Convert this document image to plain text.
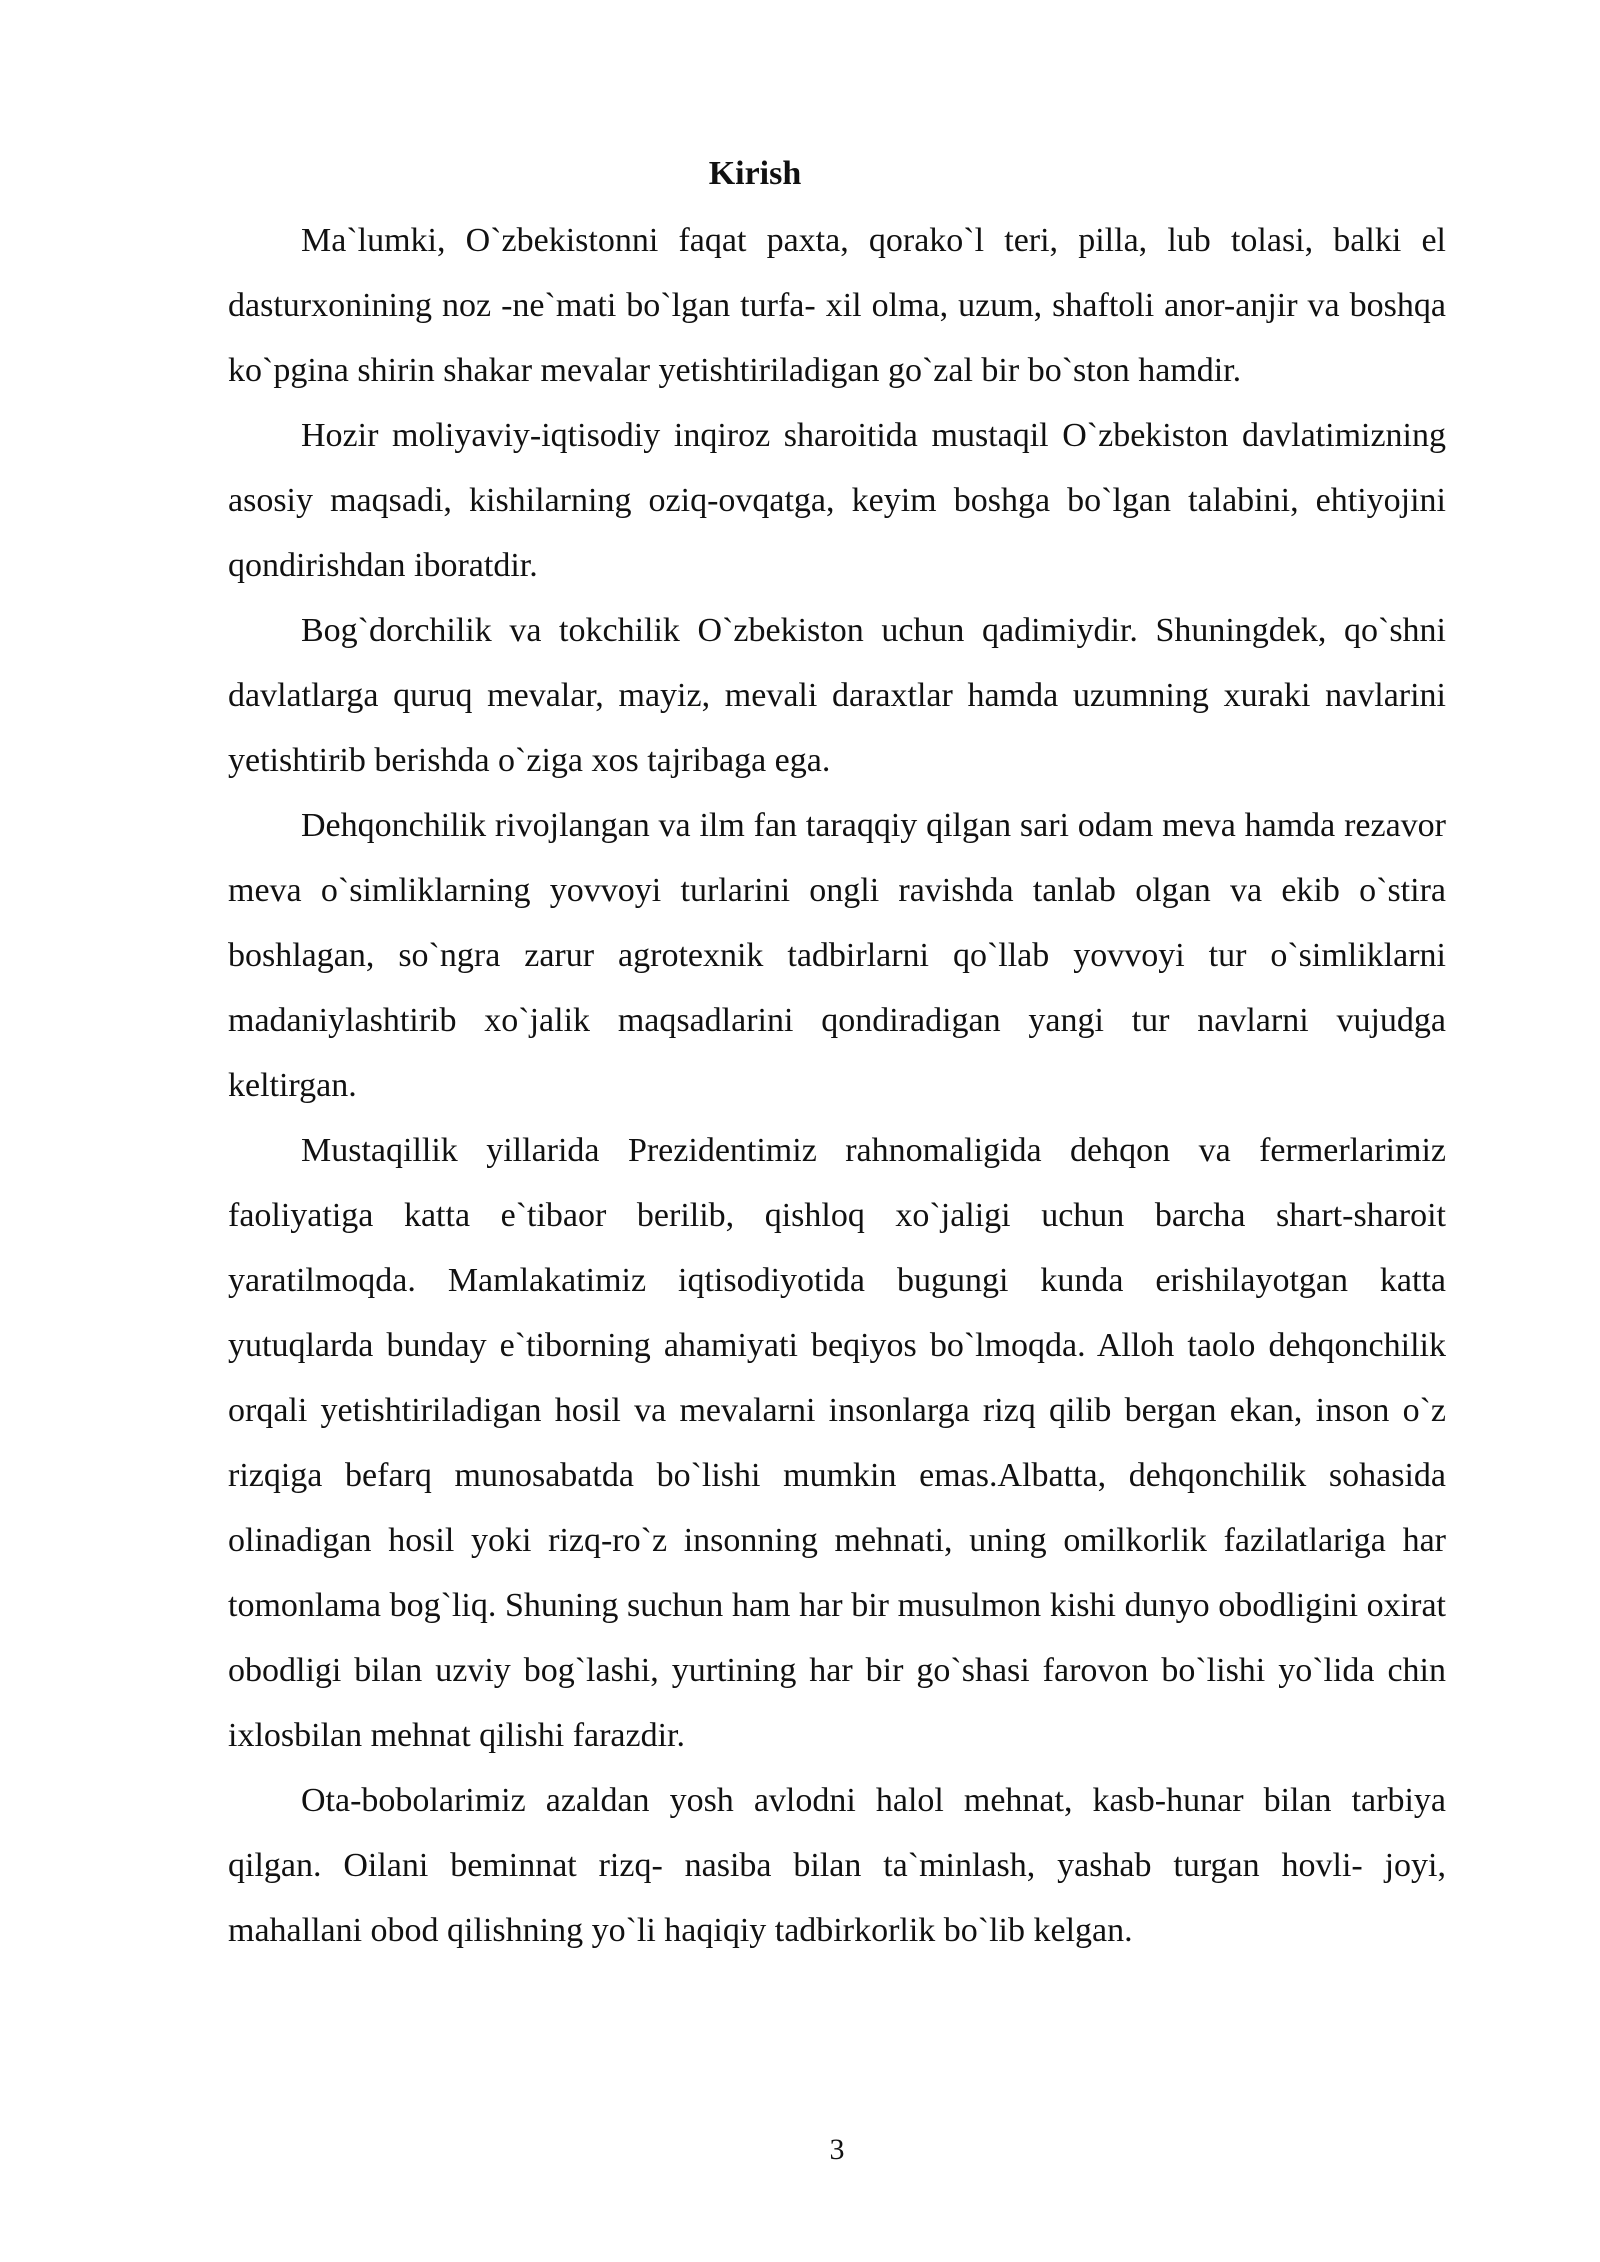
Kirish

Ma`lumki, O`zbekistonni faqat paxta, qorako`l teri, pilla, lub tolasi, balki el dasturxonining noz -ne`mati bo`lgan turfa- xil olma, uzum, shaftoli anor-anjir va boshqa ko`pgina shirin shakar mevalar yetishtiriladigan go`zal bir bo`ston hamdir.

Hozir moliyaviy-iqtisodiy inqiroz sharoitida mustaqil O`zbekiston davlatimizning asosiy maqsadi, kishilarning oziq-ovqatga, keyim boshga bo`lgan talabini, ehtiyojini qondirishdan iboratdir.

Bog`dorchilik va tokchilik O`zbekiston uchun qadimiydir. Shuningdek, qo`shni davlatlarga quruq mevalar, mayiz, mevali daraxtlar hamda uzumning xuraki navlarini yetishtirib berishda o`ziga xos tajribaga ega.

Dehqonchilik rivojlangan va ilm fan taraqqiy qilgan sari odam meva hamda rezavor meva o`simliklarning yovvoyi turlarini ongli ravishda tanlab olgan va ekib o`stira boshlagan, so`ngra zarur agrotexnik tadbirlarni qo`llab yovvoyi tur o`simliklarni madaniylashtirib xo`jalik maqsadlarini qondiradigan yangi tur navlarni vujudga keltirgan.

Mustaqillik yillarida Prezidentimiz rahnomaligida dehqon va fermerlarimiz faoliyatiga katta e`tibaor berilib, qishloq xo`jaligi uchun barcha shart-sharoit yaratilmoqda. Mamlakatimiz iqtisodiyotida bugungi kunda erishilayotgan katta yutuqlarda bunday e`tiborning ahamiyati beqiyos bo`lmoqda. Alloh taolo dehqonchilik orqali yetishtiriladigan hosil va mevalarni insonlarga rizq qilib bergan ekan, inson o`z rizqiga befarq munosabatda bo`lishi mumkin emas.Albatta, dehqonchilik sohasida olinadigan hosil yoki rizq-ro`z insonning mehnati, uning omilkorlik fazilatlariga har tomonlama bog`liq. Shuning suchun ham har bir musulmon kishi dunyo obodligini oxirat obodligi bilan uzviy bog`lashi, yurtining har bir go`shasi farovon bo`lishi yo`lida chin ixlosbilan mehnat qilishi farazdir.

Ota-bobolarimiz azaldan yosh avlodni halol mehnat, kasb-hunar bilan tarbiya qilgan. Oilani beminnat rizq- nasiba bilan ta`minlash, yashab turgan hovli- joyi, mahallani obod qilishning yo`li haqiqiy tadbirkorlik bo`lib kelgan.

3
